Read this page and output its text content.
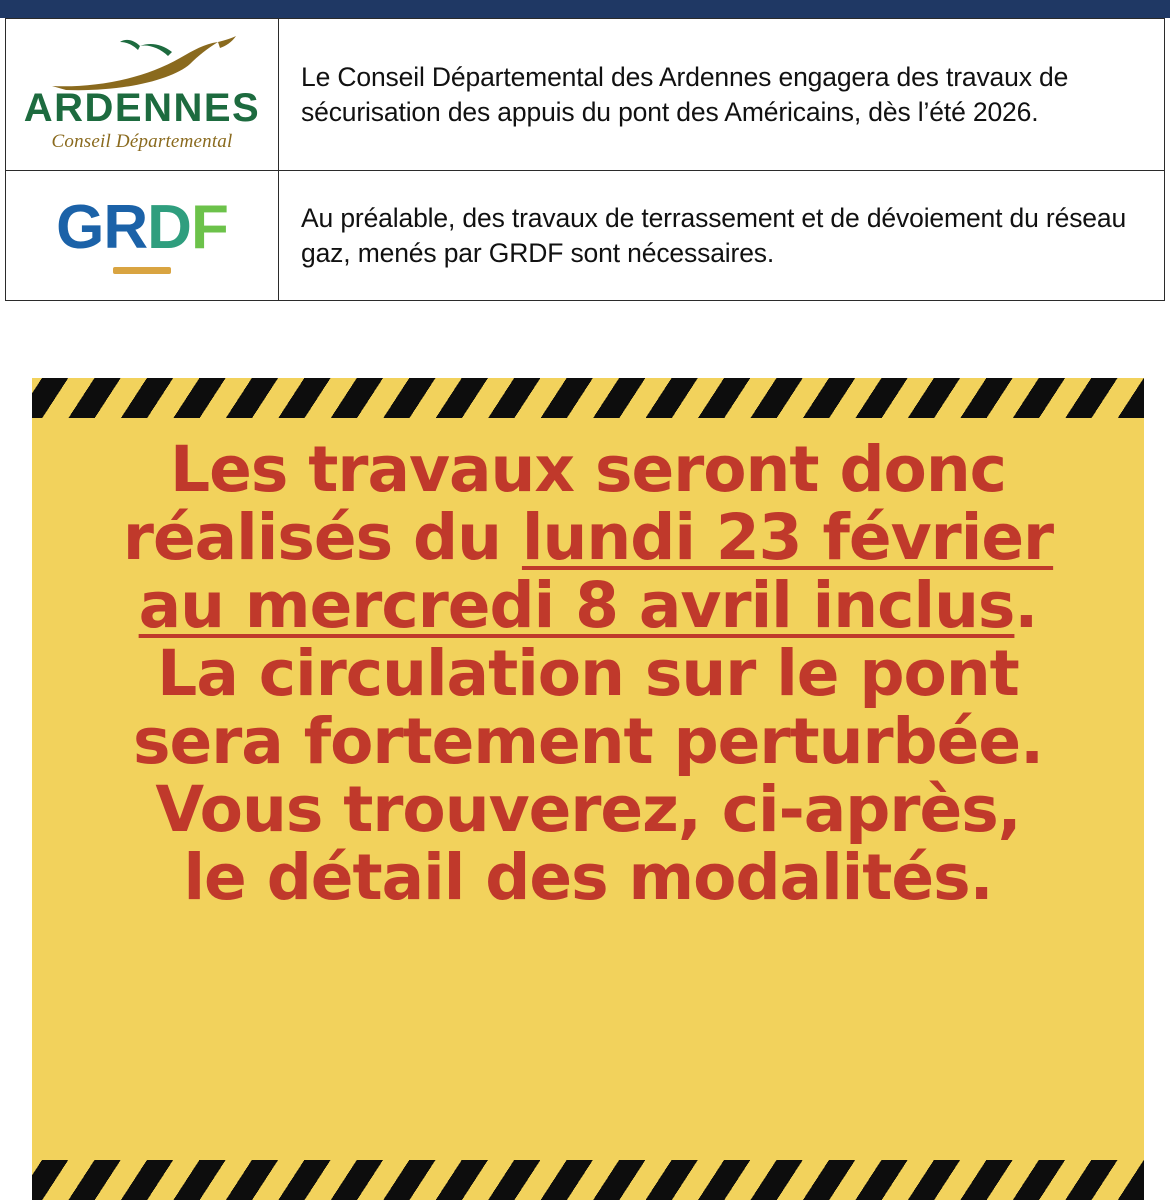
ARDENNES
Conseil Départemental	Le Conseil Départemental des Ardennes engagera des travaux de sécurisation des appuis du pont des Américains, dès l’été 2026.

GRDF	Au préalable, des travaux de terrassement et de dévoiement du réseau gaz, menés par GRDF sont nécessaires.
Les travaux seront donc
réalisés du lundi 23 février
au mercredi 8 avril inclus.
La circulation sur le pont
sera fortement perturbée.
Vous trouverez, ci-après,
le détail des modalités.
